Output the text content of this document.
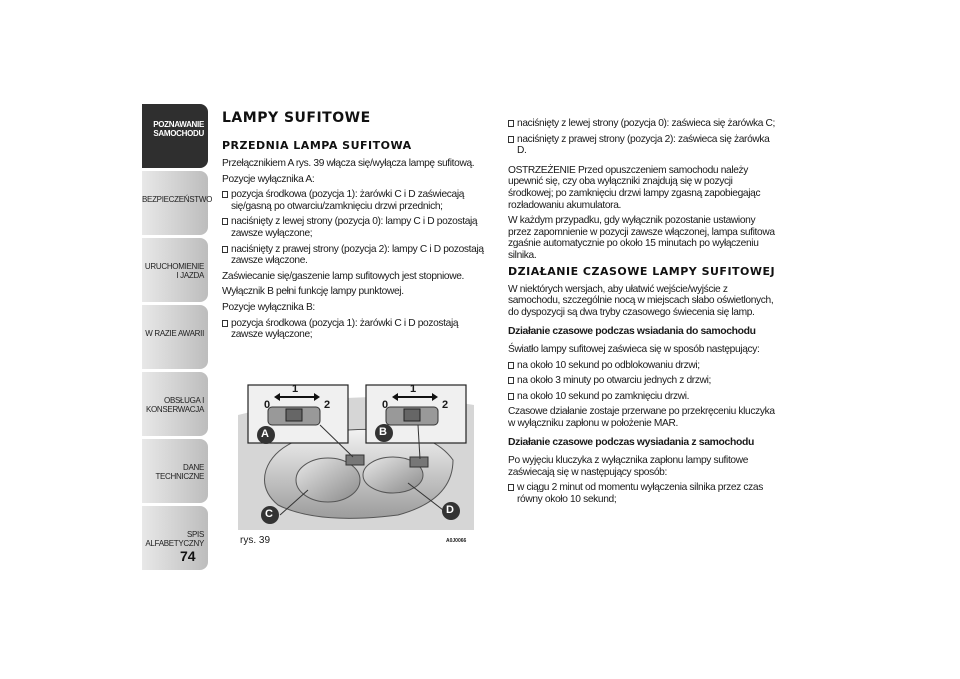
POZNAWANIE SAMOCHODU
BEZPIECZEŃSTWO
URUCHOMIENIE I JAZDA
W RAZIE AWARII
OBSŁUGA I KONSERWACJA
DANE TECHNICZNE
SPIS ALFABETYCZNY
74
LAMPY SUFITOWE
PRZEDNIA LAMPA SUFITOWA

Przełącznikiem A rys. 39 włącza się/wyłącza lampę sufitową.

Pozycje wyłącznika A:

pozycja środkowa (pozycja 1): żarówki C i D zaświecają się/gasną po otwarciu/zamknięciu drzwi przednich;
naciśnięty z lewej strony (pozycja 0): lampy C i D pozostają zawsze wyłączone;
naciśnięty z prawej strony (pozycja 2): lampy C i D pozostają zawsze włączone.

Zaświecanie się/gaszenie lamp sufitowych jest stopniowe.

Wyłącznik B pełni funkcję lampy punktowej.

Pozycje wyłącznika B:

pozycja środkowa (pozycja 1): żarówki C i D pozostają zawsze wyłączone;
0
1
2	0
1
2
A	B
C	D
rys. 39	A0J0066
naciśnięty z lewej strony (pozycja 0): zaświeca się żarówka C;
naciśnięty z prawej strony (pozycja 2): zaświeca się żarówka D.

OSTRZEŻENIE Przed opuszczeniem samochodu należy upewnić się, czy oba wyłączniki znajdują się w pozycji środkowej; po zamknięciu drzwi lampy zgasną zapobiegając rozładowaniu akumulatora.

W każdym przypadku, gdy wyłącznik pozostanie ustawiony przez zapomnienie w pozycji zawsze włączonej, lampa sufitowa zgaśnie automatycznie po około 15 minutach po wyłączeniu silnika.

DZIAŁANIE CZASOWE LAMPY SUFITOWEJ

W niektórych wersjach, aby ułatwić wejście/wyjście z samochodu, szczególnie nocą w miejscach słabo oświetlonych, do dyspozycji są dwa tryby czasowego świecenia się lamp.

Działanie czasowe podczas wsiadania do samochodu

Światło lampy sufitowej zaświeca się w sposób następujący:

na około 10 sekund po odblokowaniu drzwi;
na około 3 minuty po otwarciu jednych z drzwi;
na około 10 sekund po zamknięciu drzwi.

Czasowe działanie zostaje przerwane po przekręceniu kluczyka w wyłączniku zapłonu w położenie MAR.

Działanie czasowe podczas wysiadania z samochodu

Po wyjęciu kluczyka z wyłącznika zapłonu lampy sufitowe zaświecają się w następujący sposób:

w ciągu 2 minut od momentu wyłączenia silnika przez czas równy około 10 sekund;
